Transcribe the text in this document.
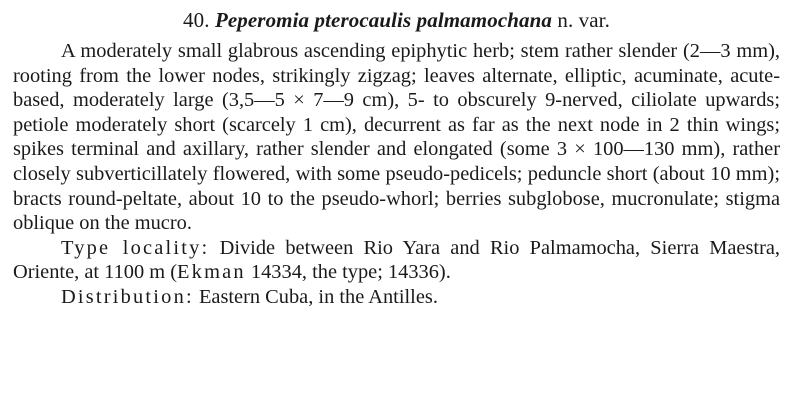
40. Peperomia pterocaulis palmamochana n. var.

A moderately small glabrous ascending epiphytic herb; stem rather slender (2—3 mm), rooting from the lower nodes, strikingly zigzag; leaves alternate, elliptic, acuminate, acute-based, moderately large (3,5—5 × 7—9 cm), 5- to obscurely 9-nerved, ciliolate upwards; petiole moderately short (scarcely 1 cm), decurrent as far as the next node in 2 thin wings; spikes terminal and axillary, rather slender and elongated (some 3 × 100—130 mm), rather closely subverticillately flowered, with some pseudo-pedicels; peduncle short (about 10 mm); bracts round-peltate, about 10 to the pseudo-whorl; berries subglobose, mucronulate; stigma oblique on the mucro.

Type locality: Divide between Rio Yara and Rio Palmamocha, Sierra Maestra, Oriente, at 1100 m (Ekman 14334, the type; 14336).

Distribution: Eastern Cuba, in the Antilles.
